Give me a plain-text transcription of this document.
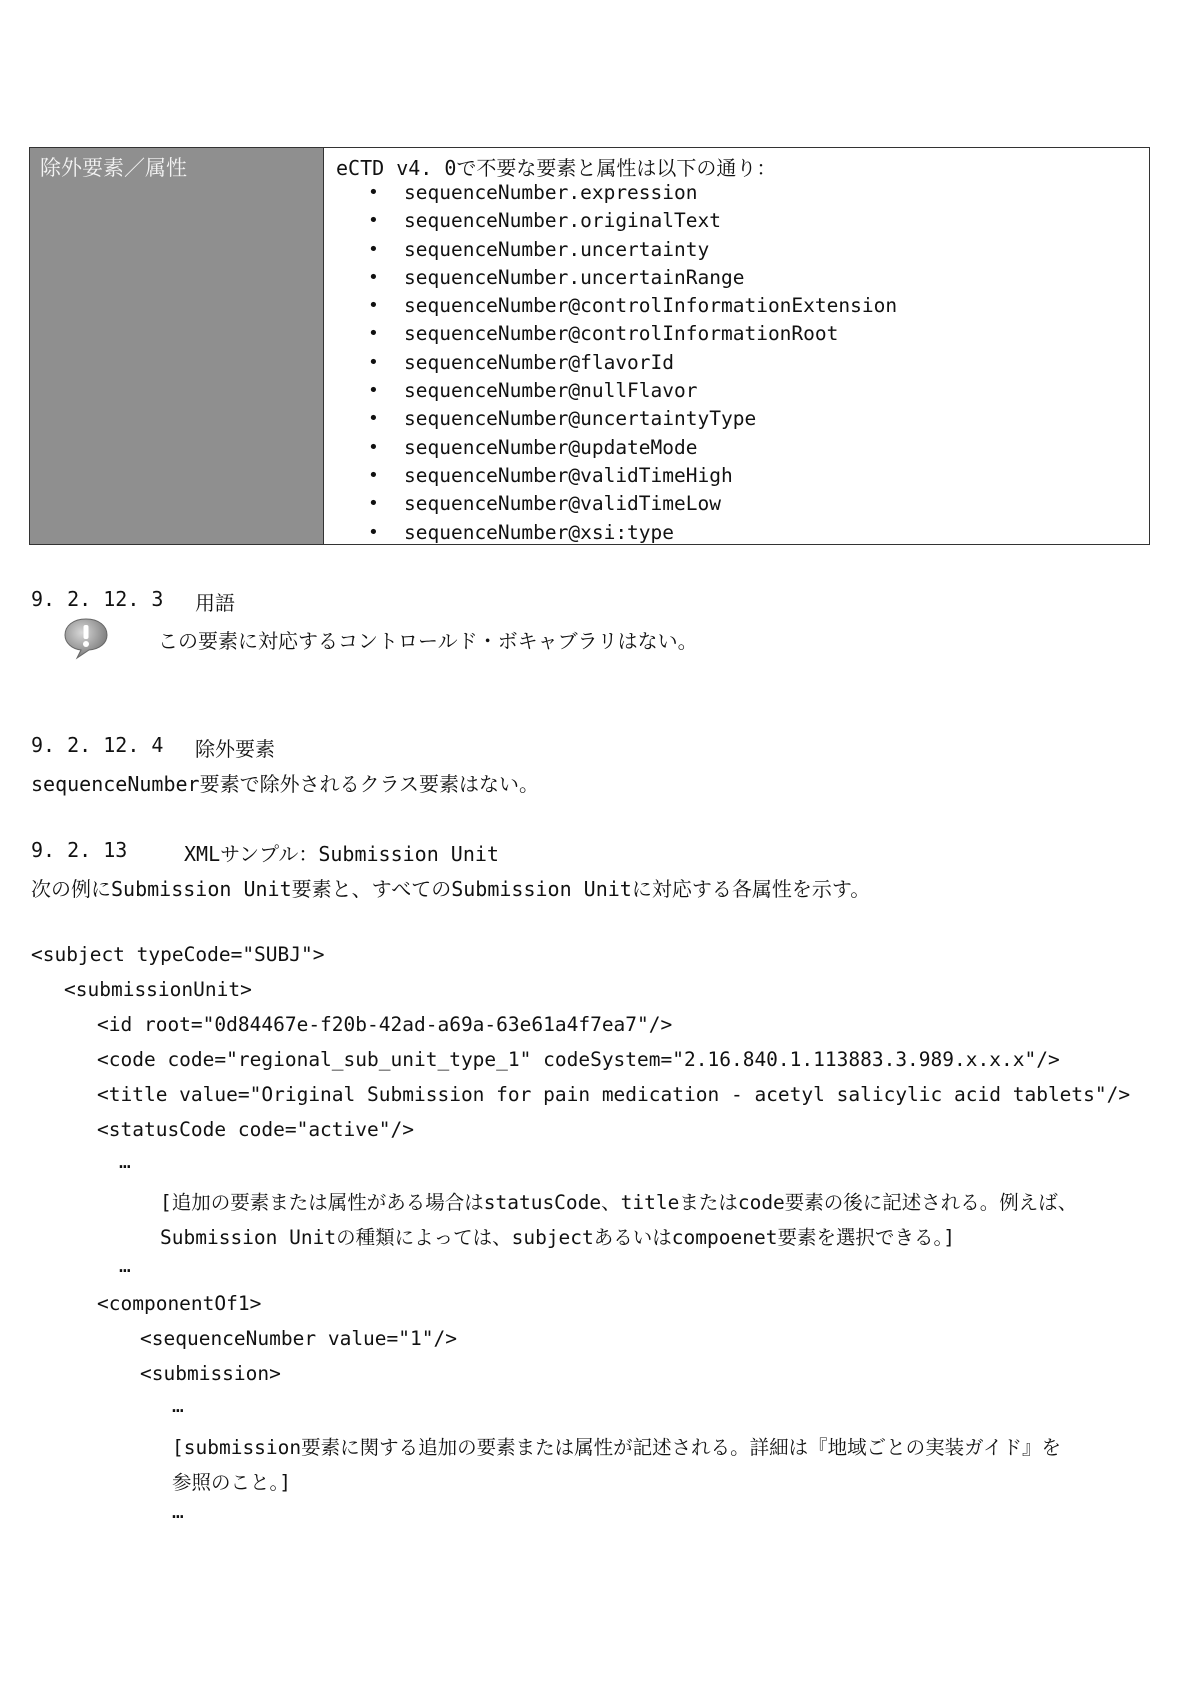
除外要素／属性	eCTD v4. 0で不要な要素と属性は以下の通り：
• sequenceNumber.expression
• sequenceNumber.originalText
• sequenceNumber.uncertainty
• sequenceNumber.uncertainRange
• sequenceNumber@controlInformationExtension
• sequenceNumber@controlInformationRoot
• sequenceNumber@flavorId
• sequenceNumber@nullFlavor
• sequenceNumber@uncertaintyType
• sequenceNumber@updateMode
• sequenceNumber@validTimeHigh
• sequenceNumber@validTimeLow
• sequenceNumber@xsi:type
9. 2. 12. 3 用語
この要素に対応するコントロールド・ボキャブラリはない。
9. 2. 12. 4 除外要素
sequenceNumber要素で除外されるクラス要素はない。
9. 2. 13	XMLサンプル：Submission Unit
次の例にSubmission Unit要素と、すべてのSubmission Unitに対応する各属性を示す。
<subject typeCode="SUBJ">
<submissionUnit>
<id root="0d84467e-f20b-42ad-a69a-63e61a4f7ea7"/>
<code code="regional_sub_unit_type_1" codeSystem="2.16.840.1.113883.3.989.x.x.x"/>
<title value="Original Submission for pain medication - acetyl salicylic acid tablets"/>
<statusCode code="active"/>
…
[追加の要素または属性がある場合はstatusCode、titleまたはcode要素の後に記述される。例えば、
Submission Unitの種類によっては、subjectあるいはcompoenet要素を選択できる。]
…
<componentOf1>
<sequenceNumber value="1"/>
<submission>
…
[submission要素に関する追加の要素または属性が記述される。詳細は『地域ごとの実装ガイド』を
参照のこと。]
…
